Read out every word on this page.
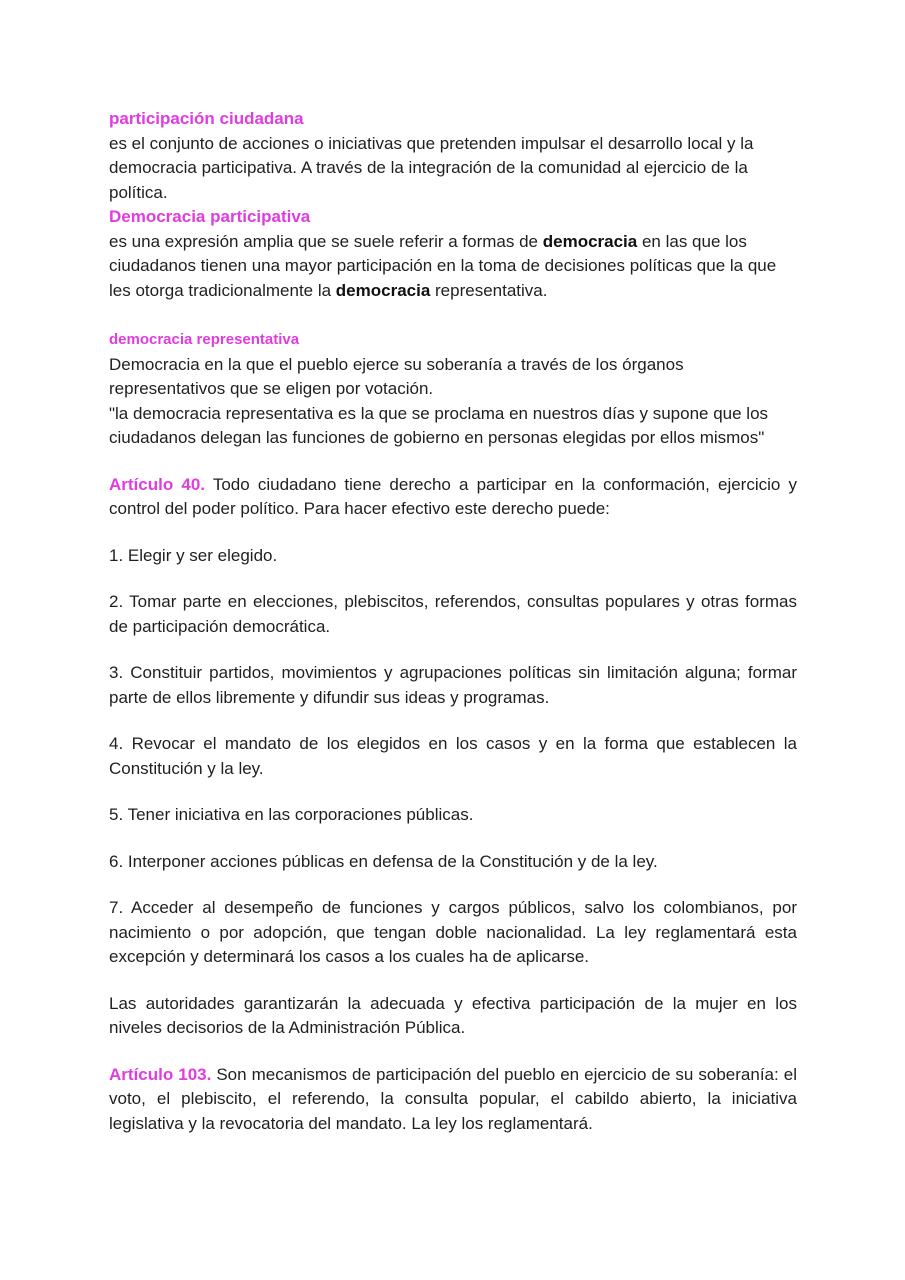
participación ciudadana
es el conjunto de acciones o iniciativas que pretenden impulsar el desarrollo local y la democracia participativa. A través de la integración de la comunidad al ejercicio de la política.

Democracia participativa
es una expresión amplia que se suele referir a formas de democracia en las que los ciudadanos tienen una mayor participación en la toma de decisiones políticas que la que les otorga tradicionalmente la democracia representativa.

democracia representativa
Democracia en la que el pueblo ejerce su soberanía a través de los órganos representativos que se eligen por votación.
"la democracia representativa es la que se proclama en nuestros días y supone que los ciudadanos delegan las funciones de gobierno en personas elegidas por ellos mismos"

Artículo 40. Todo ciudadano tiene derecho a participar en la conformación, ejercicio y control del poder político. Para hacer efectivo este derecho puede:

1. Elegir y ser elegido.

2. Tomar parte en elecciones, plebiscitos, referendos, consultas populares y otras formas de participación democrática.

3. Constituir partidos, movimientos y agrupaciones políticas sin limitación alguna; formar parte de ellos libremente y difundir sus ideas y programas.

4. Revocar el mandato de los elegidos en los casos y en la forma que establecen la Constitución y la ley.

5. Tener iniciativa en las corporaciones públicas.

6. Interponer acciones públicas en defensa de la Constitución y de la ley.

7. Acceder al desempeño de funciones y cargos públicos, salvo los colombianos, por nacimiento o por adopción, que tengan doble nacionalidad. La ley reglamentará esta excepción y determinará los casos a los cuales ha de aplicarse.

Las autoridades garantizarán la adecuada y efectiva participación de la mujer en los niveles decisorios de la Administración Pública.

Artículo 103. Son mecanismos de participación del pueblo en ejercicio de su soberanía: el voto, el plebiscito, el referendo, la consulta popular, el cabildo abierto, la iniciativa legislativa y la revocatoria del mandato. La ley los reglamentará.
